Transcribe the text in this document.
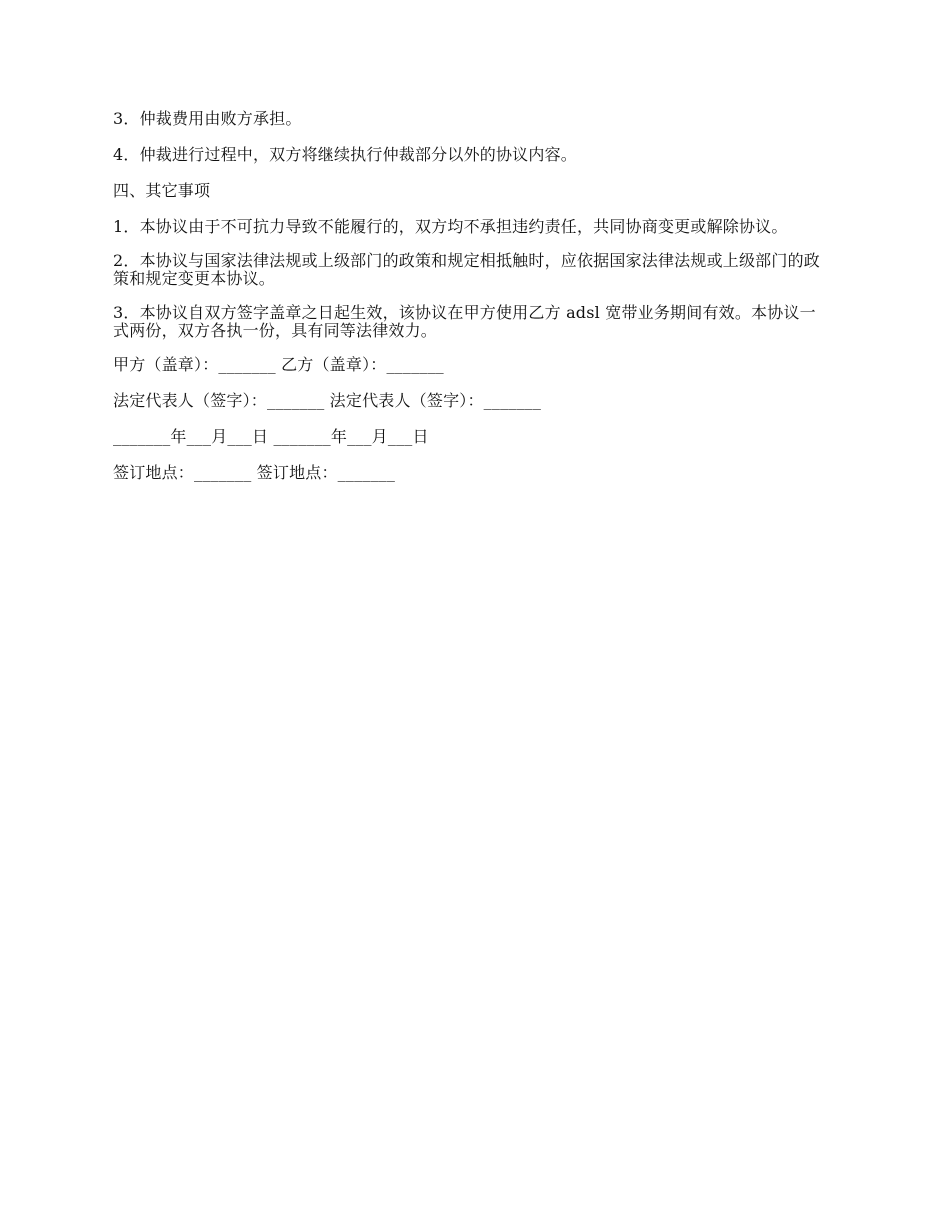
3．仲裁费用由败方承担。

4．仲裁进行过程中，双方将继续执行仲裁部分以外的协议内容。

四、其它事项

1．本协议由于不可抗力导致不能履行的，双方均不承担违约责任，共同协商变更或解除协议。

2．本协议与国家法律法规或上级部门的政策和规定相抵触时，应依据国家法律法规或上级部门的政策和规定变更本协议。

3．本协议自双方签字盖章之日起生效，该协议在甲方使用乙方 adsl 宽带业务期间有效。本协议一式两份，双方各执一份，具有同等法律效力。

甲方（盖章）：_______ 乙方（盖章）：_______
法定代表人（签字）：_______ 法定代表人（签字）：_______
_______年___月___日 _______年___月___日
签订地点：_______ 签订地点：_______
